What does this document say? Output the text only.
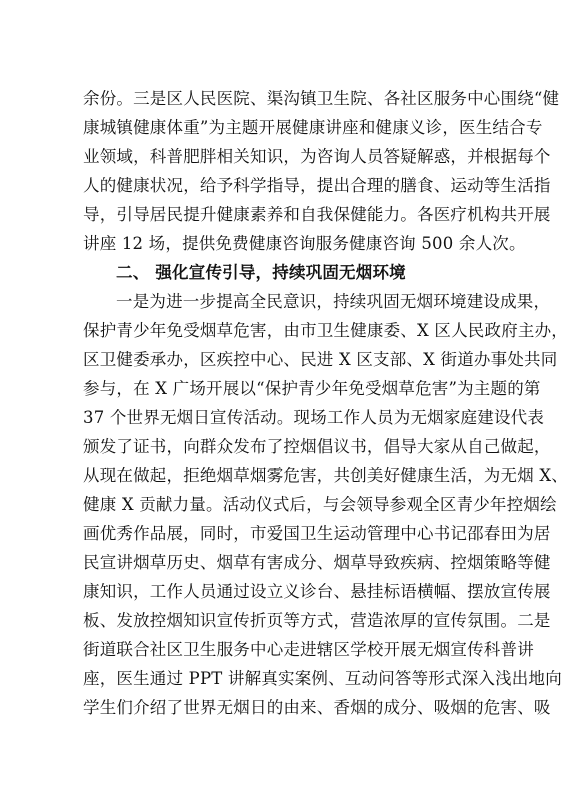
余份。三是区人民医院、渠沟镇卫生院、各社区服务中心围绕“健
康城镇健康体重”为主题开展健康讲座和健康义诊，医生结合专
业领域，科普肥胖相关知识，为咨询人员答疑解惑，并根据每个
人的健康状况，给予科学指导，提出合理的膳食、运动等生活指
导，引导居民提升健康素养和自我保健能力。各医疗机构共开展
讲座 12 场，提供免费健康咨询服务健康咨询 500 余人次。
二、 强化宣传引导，持续巩固无烟环境
一是为进一步提高全民意识，持续巩固无烟环境建设成果，
保护青少年免受烟草危害，由市卫生健康委、X 区人民政府主办，
区卫健委承办，区疾控中心、民进 X 区支部、X 街道办事处共同
参与，在 X 广场开展以“保护青少年免受烟草危害”为主题的第
37 个世界无烟日宣传活动。现场工作人员为无烟家庭建设代表
颁发了证书，向群众发布了控烟倡议书，倡导大家从自己做起，
从现在做起，拒绝烟草烟雾危害，共创美好健康生活，为无烟 X、
健康 X 贡献力量。活动仪式后，与会领导参观全区青少年控烟绘
画优秀作品展，同时，市爱国卫生运动管理中心书记邵春田为居
民宣讲烟草历史、烟草有害成分、烟草导致疾病、控烟策略等健
康知识，工作人员通过设立义诊台、悬挂标语横幅、摆放宣传展
板、发放控烟知识宣传折页等方式，营造浓厚的宣传氛围。二是
街道联合社区卫生服务中心走进辖区学校开展无烟宣传科普讲
座，医生通过 PPT 讲解真实案例、互动问答等形式深入浅出地向
学生们介绍了世界无烟日的由来、香烟的成分、吸烟的危害、吸
